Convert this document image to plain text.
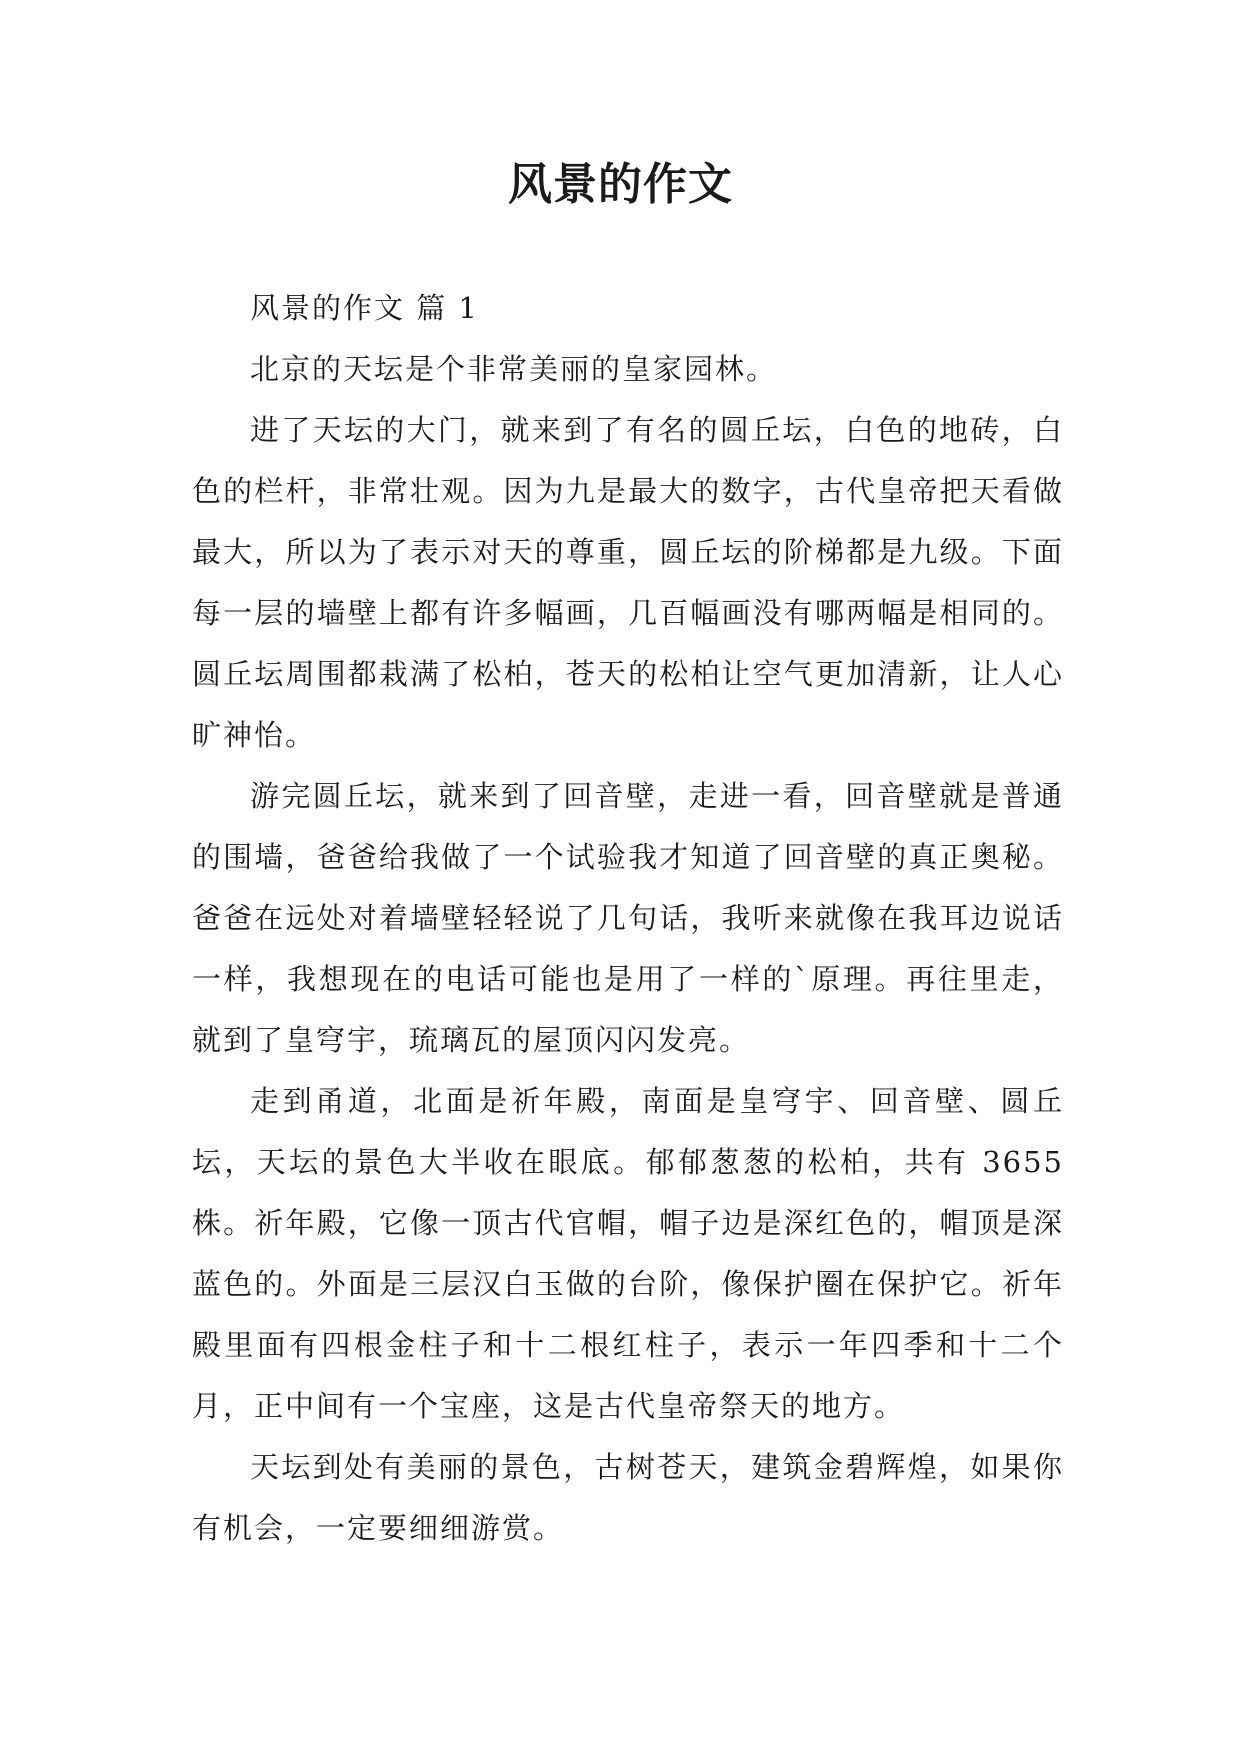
风景的作文

风景的作文 篇 1

北京的天坛是个非常美丽的皇家园林。

进了天坛的大门，就来到了有名的圆丘坛，白色的地砖，白色的栏杆，非常壮观。因为九是最大的数字，古代皇帝把天看做最大，所以为了表示对天的尊重，圆丘坛的阶梯都是九级。下面每一层的墙壁上都有许多幅画，几百幅画没有哪两幅是相同的。圆丘坛周围都栽满了松柏，苍天的松柏让空气更加清新，让人心旷神怡。

游完圆丘坛，就来到了回音壁，走进一看，回音壁就是普通的围墙，爸爸给我做了一个试验我才知道了回音壁的真正奥秘。爸爸在远处对着墙壁轻轻说了几句话，我听来就像在我耳边说话一样，我想现在的电话可能也是用了一样的`原理。再往里走，就到了皇穹宇，琉璃瓦的屋顶闪闪发亮。

走到甬道，北面是祈年殿，南面是皇穹宇、回音壁、圆丘坛，天坛的景色大半收在眼底。郁郁葱葱的松柏，共有 3655 株。祈年殿，它像一顶古代官帽，帽子边是深红色的，帽顶是深蓝色的。外面是三层汉白玉做的台阶，像保护圈在保护它。祈年殿里面有四根金柱子和十二根红柱子，表示一年四季和十二个月，正中间有一个宝座，这是古代皇帝祭天的地方。

天坛到处有美丽的景色，古树苍天，建筑金碧辉煌，如果你有机会，一定要细细游赏。
